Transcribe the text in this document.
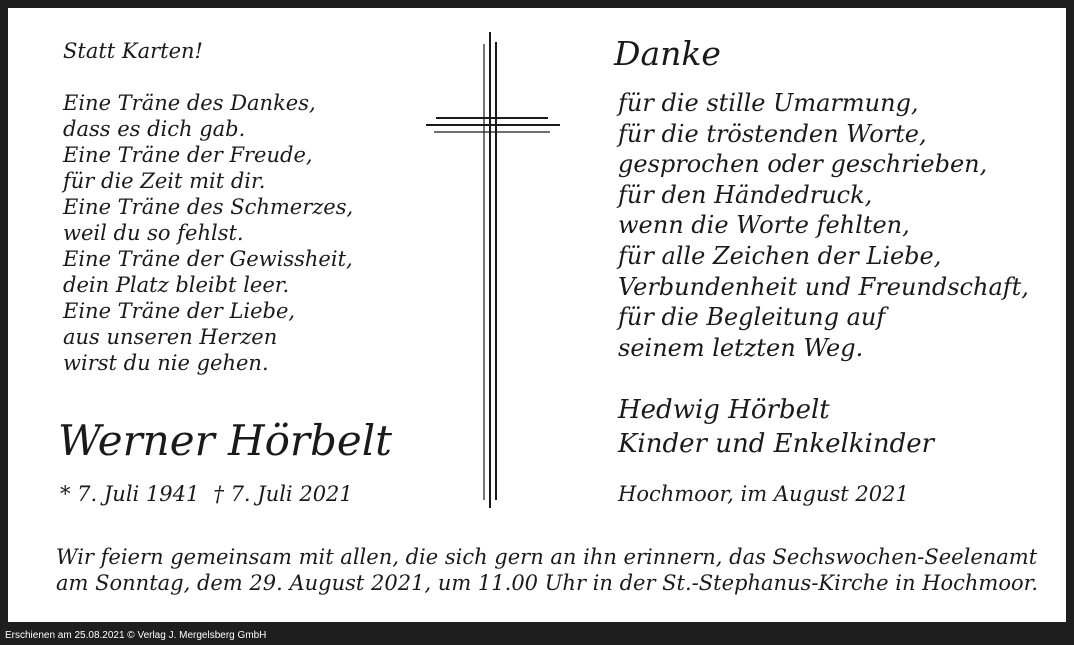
Statt Karten!
Eine Träne des Dankes,
dass es dich gab.
Eine Träne der Freude,
für die Zeit mit dir.
Eine Träne des Schmerzes,
weil du so fehlst.
Eine Träne der Gewissheit,
dein Platz bleibt leer.
Eine Träne der Liebe,
aus unseren Herzen
wirst du nie gehen.
Werner Hörbelt
* 7. Juli 1941 † 7. Juli 2021
Danke
für die stille Umarmung,
für die tröstenden Worte,
gesprochen oder geschrieben,
für den Händedruck,
wenn die Worte fehlten,
für alle Zeichen der Liebe,
Verbundenheit und Freundschaft,
für die Begleitung auf
seinem letzten Weg.
Hedwig Hörbelt
Kinder und Enkelkinder
Hochmoor, im August 2021
Wir feiern gemeinsam mit allen, die sich gern an ihn erinnern, das Sechswochen-Seelenamt
am Sonntag, dem 29. August 2021, um 11.00 Uhr in der St.-Stephanus-Kirche in Hochmoor.
Erschienen am 25.08.2021 © Verlag J. Mergelsberg GmbH
